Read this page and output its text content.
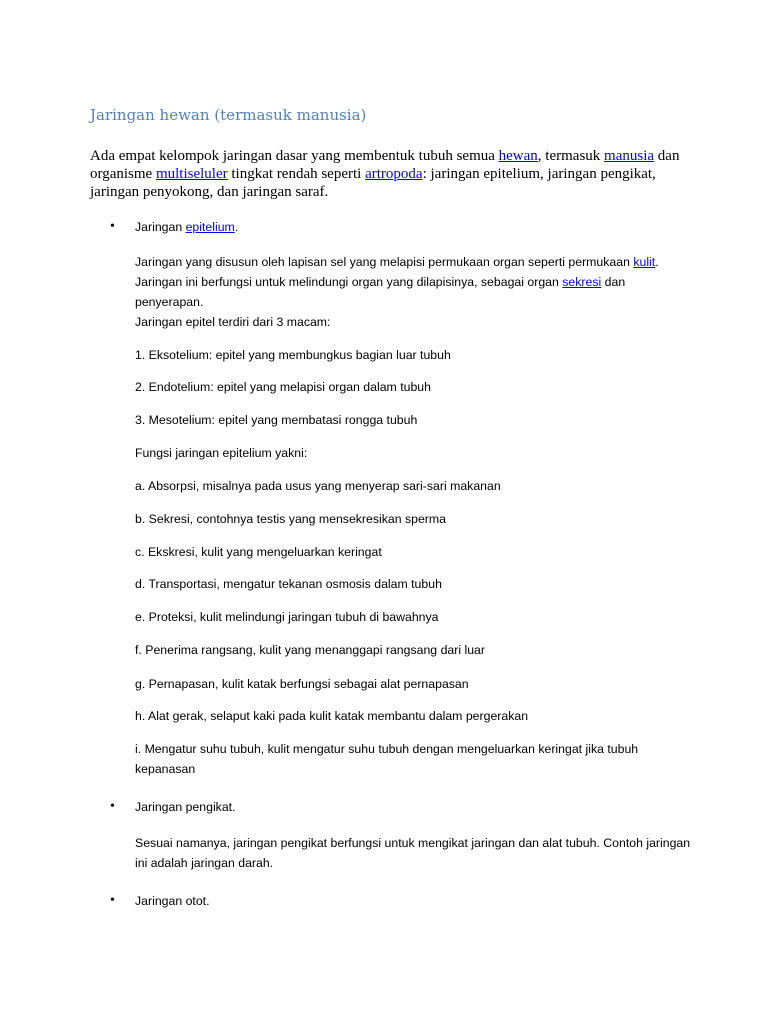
Jaringan hewan (termasuk manusia)
Ada empat kelompok jaringan dasar yang membentuk tubuh semua hewan, termasuk manusia dan organisme multiseluler tingkat rendah seperti artropoda: jaringan epitelium, jaringan pengikat, jaringan penyokong, dan jaringan saraf.
• Jaringan epitelium.
Jaringan yang disusun oleh lapisan sel yang melapisi permukaan organ seperti permukaan kulit. Jaringan ini berfungsi untuk melindungi organ yang dilapisinya, sebagai organ sekresi dan penyerapan.
Jaringan epitel terdiri dari 3 macam:

1. Eksotelium: epitel yang membungkus bagian luar tubuh

2. Endotelium: epitel yang melapisi organ dalam tubuh

3. Mesotelium: epitel yang membatasi rongga tubuh

Fungsi jaringan epitelium yakni:

a. Absorpsi, misalnya pada usus yang menyerap sari-sari makanan

b. Sekresi, contohnya testis yang mensekresikan sperma

c. Ekskresi, kulit yang mengeluarkan keringat

d. Transportasi, mengatur tekanan osmosis dalam tubuh

e. Proteksi, kulit melindungi jaringan tubuh di bawahnya

f. Penerima rangsang, kulit yang menanggapi rangsang dari luar

g. Pernapasan, kulit katak berfungsi sebagai alat pernapasan

h. Alat gerak, selaput kaki pada kulit katak membantu dalam pergerakan

i. Mengatur suhu tubuh, kulit mengatur suhu tubuh dengan mengeluarkan keringat jika tubuh kepanasan

• Jaringan pengikat.

Sesuai namanya, jaringan pengikat berfungsi untuk mengikat jaringan dan alat tubuh. Contoh jaringan ini adalah jaringan darah.

• Jaringan otot.
